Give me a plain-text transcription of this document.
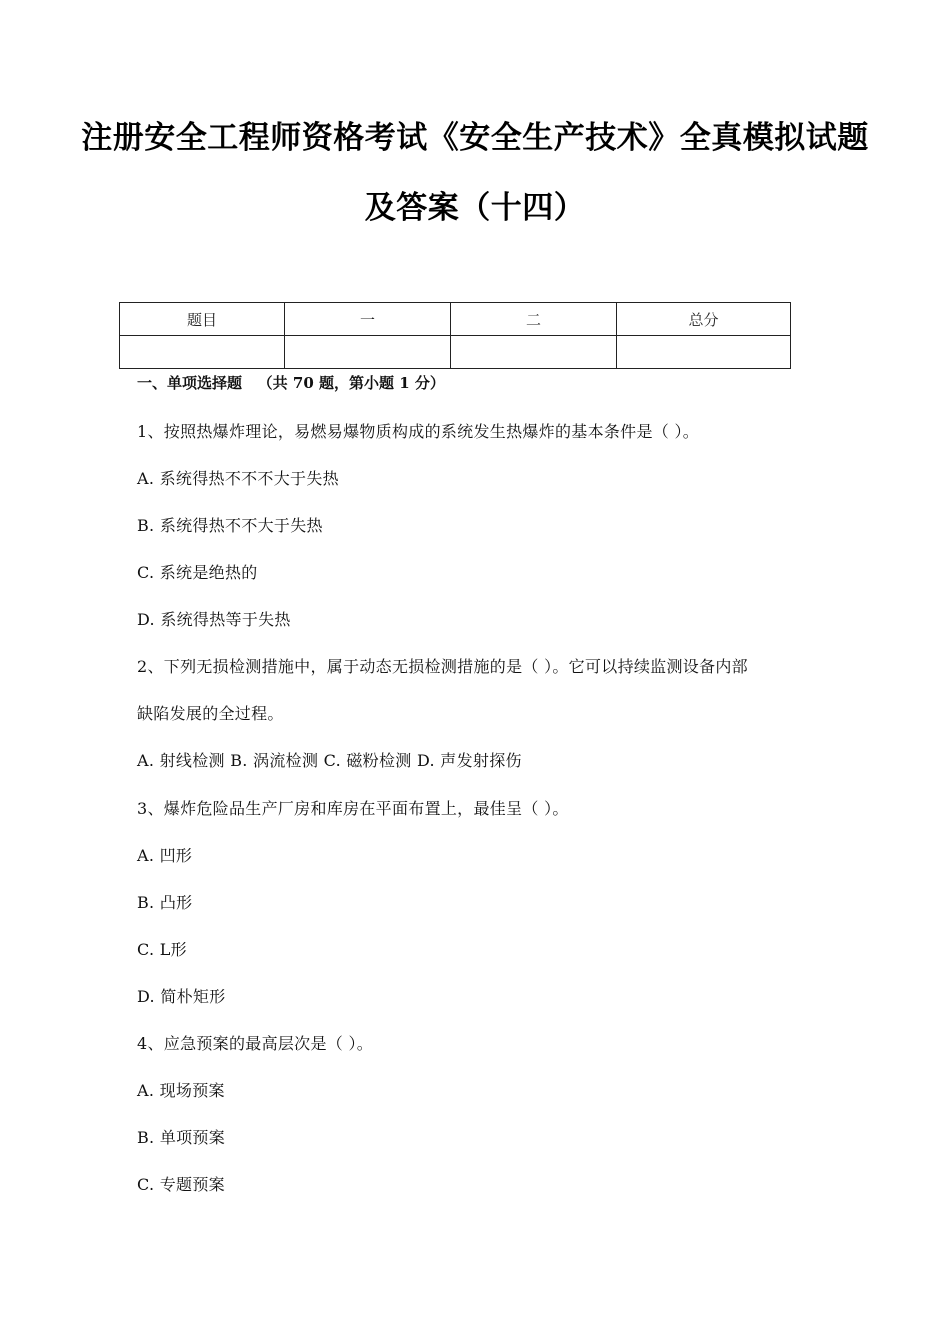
注册安全工程师资格考试《安全生产技术》全真模拟试题
及答案（十四）
题目	一	二	总分

一、单项选择题   （共 70 题，第小题 1 分）
1、按照热爆炸理论，易燃易爆物质构成的系统发生热爆炸的基本条件是（ ）。
A. 系统得热不不不大于失热
B. 系统得热不不大于失热
C. 系统是绝热的
D. 系统得热等于失热
2、下列无损检测措施中，属于动态无损检测措施的是（ ）。它可以持续监测设备内部
缺陷发展的全过程。
A. 射线检测 B. 涡流检测 C. 磁粉检测 D. 声发射探伤
3、爆炸危险品生产厂房和库房在平面布置上，最佳呈（ ）。
A. 凹形
B. 凸形
C. L形
D. 简朴矩形
4、应急预案的最高层次是（ ）。
A. 现场预案
B. 单项预案
C. 专题预案
